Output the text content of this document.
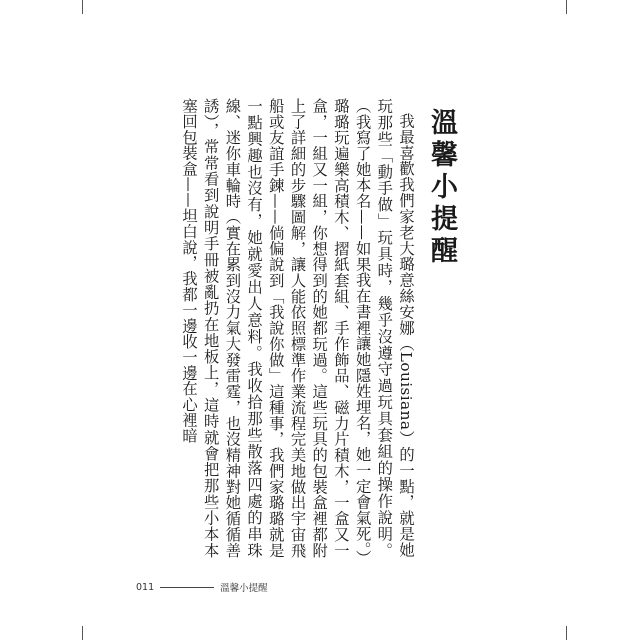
溫馨小提醒

我最喜歡我們家老大璐意絲安娜（Louisiana）的一點，就是她玩那些「動手做」玩具時，幾乎沒遵守過玩具套組的操作說明。（我寫了她本名——如果我在書裡讓她隱姓埋名，她一定會氣死。）璐璐玩遍樂高積木、摺紙套組、手作飾品、磁力片積木，一盒又一盒，一組又一組，你想得到的她都玩過。這些玩具的包裝盒裡都附上了詳細的步驟圖解，讓人能依照標準作業流程完美地做出宇宙飛船或友誼手鍊——倘偏說到「我說你做」這種事，我們家璐璐就是一點興趣也沒有，她就愛出人意料。我收拾那些散落四處的串珠線、迷你車輪時（實在累到沒力氣大發雷霆，也沒精神對她循循善誘），常常看到說明手冊被亂扔在地板上，這時就會把那些小本本塞回包裝盒——坦白說，我都一邊收一邊在心裡暗

011	溫馨小提醒
